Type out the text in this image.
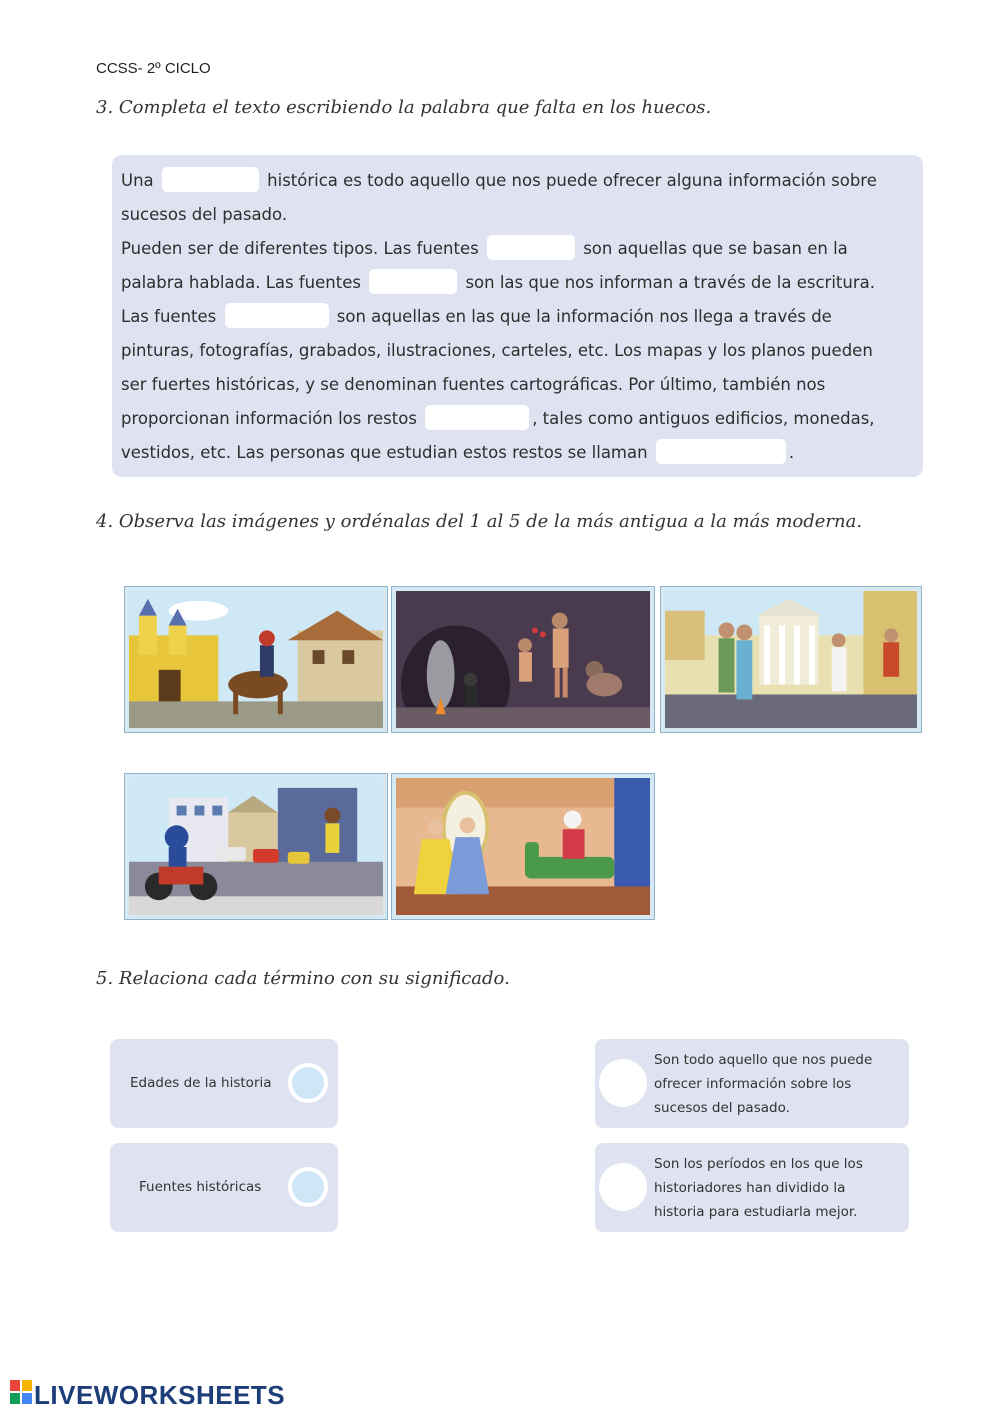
CCSS- 2º CICLO
3. Completa el texto escribiendo la palabra que falta en los huecos.
Una	histórica es todo aquello que nos puede ofrecer alguna información sobre
sucesos del pasado.
Pueden ser de diferentes tipos. Las fuentes	son aquellas que se basan en la
palabra hablada. Las fuentes	son las que nos informan a través de la escritura.
Las fuentes	son aquellas en las que la información nos llega a través de
pinturas, fotografías, grabados, ilustraciones, carteles, etc. Los mapas y los planos pueden
ser fuertes históricas, y se denominan fuentes cartográficas. Por último, también nos
proporcionan información los restos	, tales como antiguos edificios, monedas,
vestidos, etc. Las personas que estudian estos restos se llaman	.
4. Observa las imágenes y ordénalas del 1 al 5 de la más antigua a la más moderna.
5. Relaciona cada término con su significado.
Edades de la historia
Fuentes históricas
Son todo aquello que nos puede
ofrecer información sobre los
sucesos del pasado.
Son los períodos en los que los
historiadores han dividido la
historia para estudiarla mejor.
LIVEWORKSHEETS
